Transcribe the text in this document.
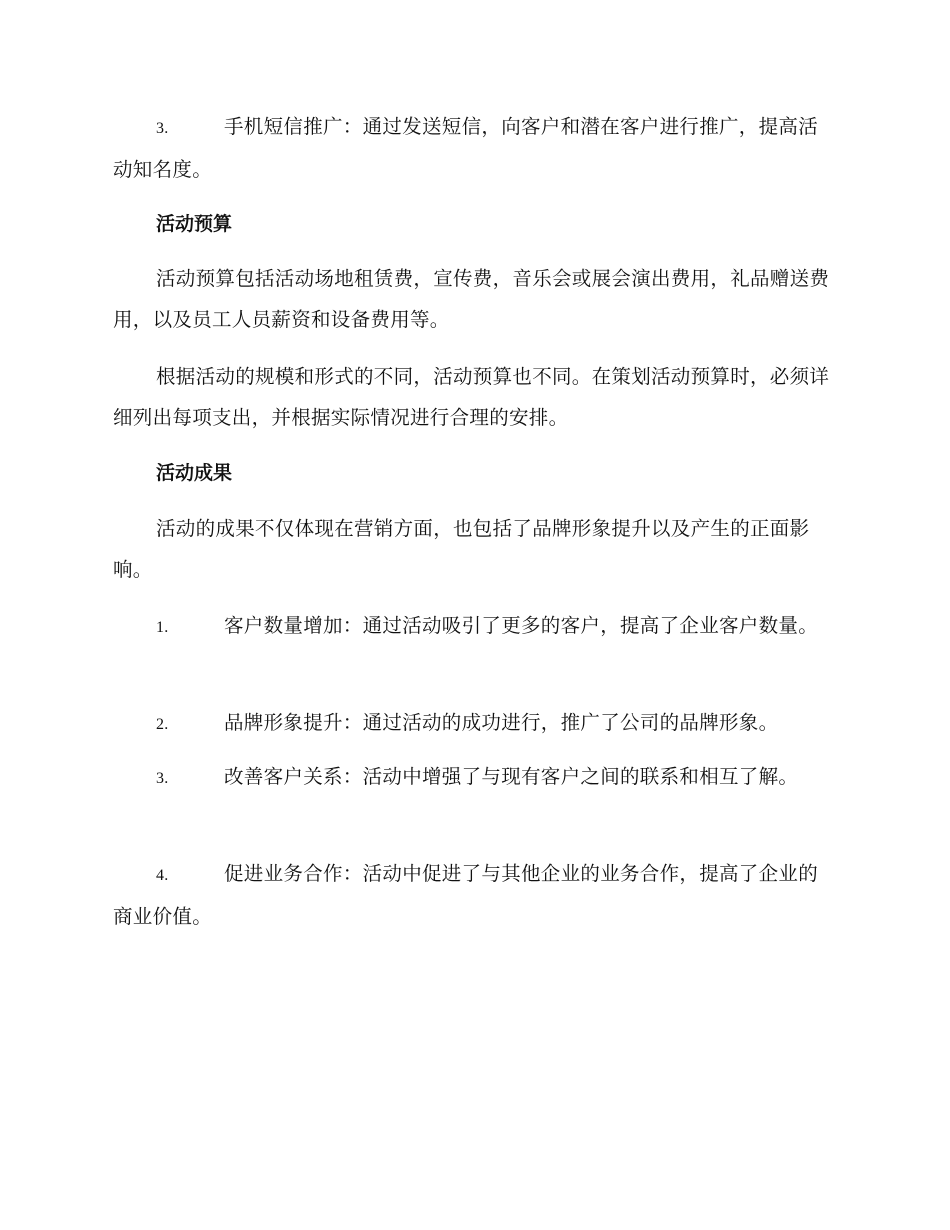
3.	手机短信推广：通过发送短信，向客户和潜在客户进行推广，提高活动知名度。

活动预算

活动预算包括活动场地租赁费，宣传费，音乐会或展会演出费用，礼品赠送费用，以及员工人员薪资和设备费用等。

根据活动的规模和形式的不同，活动预算也不同。在策划活动预算时，必须详细列出每项支出，并根据实际情况进行合理的安排。

活动成果

活动的成果不仅体现在营销方面，也包括了品牌形象提升以及产生的正面影响。

1.	客户数量增加：通过活动吸引了更多的客户，提高了企业客户数量。

2.	品牌形象提升：通过活动的成功进行，推广了公司的品牌形象。

3.	改善客户关系：活动中增强了与现有客户之间的联系和相互了解。

4.	促进业务合作：活动中促进了与其他企业的业务合作，提高了企业的商业价值。
